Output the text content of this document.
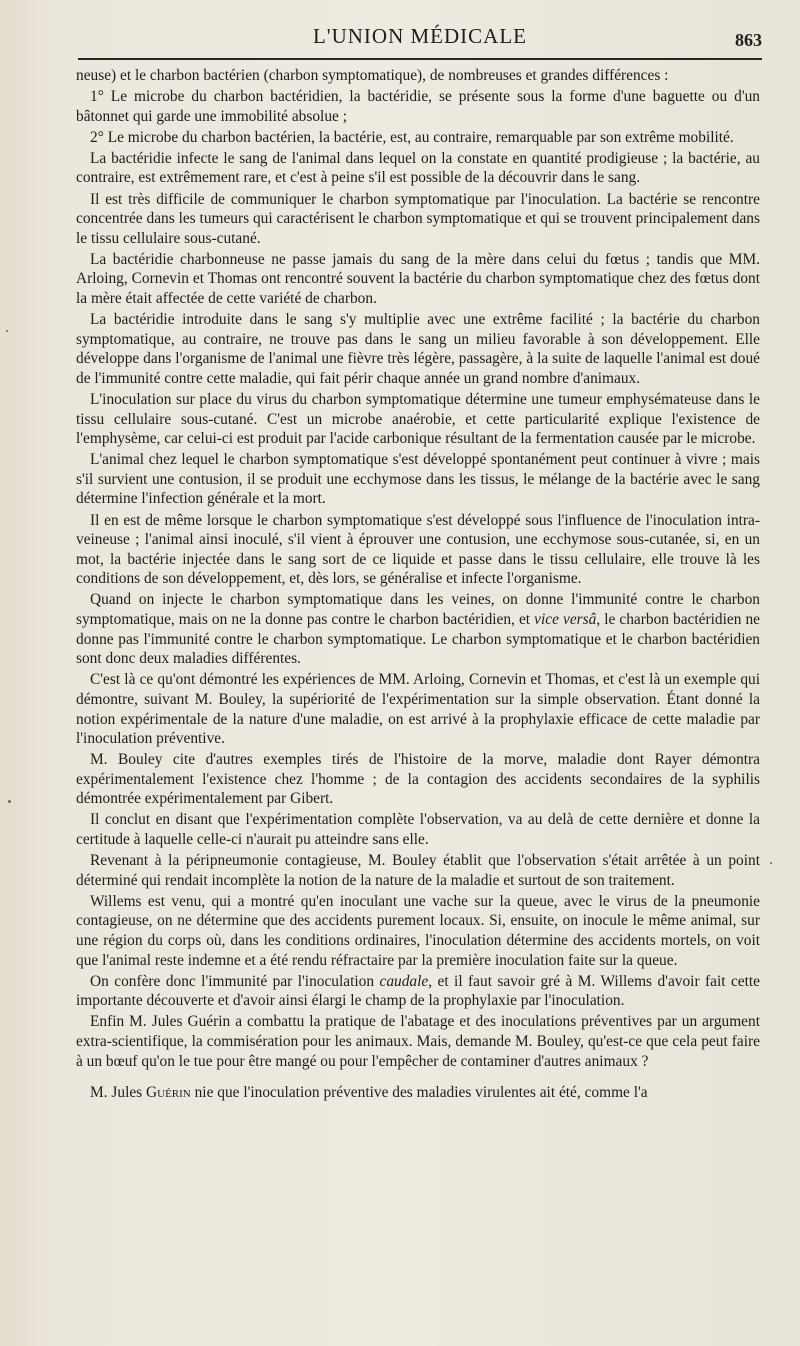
L'UNION MÉDICALE	863

neuse) et le charbon bactérien (charbon symptomatique), de nombreuses et grandes différences :

1° Le microbe du charbon bactéridien, la bactéridie, se présente sous la forme d'une baguette ou d'un bâtonnet qui garde une immobilité absolue ;

2° Le microbe du charbon bactérien, la bactérie, est, au contraire, remarquable par son extrême mobilité.

La bactéridie infecte le sang de l'animal dans lequel on la constate en quantité prodigieuse ; la bactérie, au contraire, est extrêmement rare, et c'est à peine s'il est possible de la découvrir dans le sang.

Il est très difficile de communiquer le charbon symptomatique par l'inoculation. La bactérie se rencontre concentrée dans les tumeurs qui caractérisent le charbon symptomatique et qui se trouvent principalement dans le tissu cellulaire sous-cutané.

La bactéridie charbonneuse ne passe jamais du sang de la mère dans celui du fœtus ; tandis que MM. Arloing, Cornevin et Thomas ont rencontré souvent la bactérie du charbon symptomatique chez des fœtus dont la mère était affectée de cette variété de charbon.

La bactéridie introduite dans le sang s'y multiplie avec une extrême facilité ; la bactérie du charbon symptomatique, au contraire, ne trouve pas dans le sang un milieu favorable à son développement. Elle développe dans l'organisme de l'animal une fièvre très légère, passagère, à la suite de laquelle l'animal est doué de l'immunité contre cette maladie, qui fait périr chaque année un grand nombre d'animaux.

L'inoculation sur place du virus du charbon symptomatique détermine une tumeur emphysémateuse dans le tissu cellulaire sous-cutané. C'est un microbe anaérobie, et cette particularité explique l'existence de l'emphysème, car celui-ci est produit par l'acide carbonique résultant de la fermentation causée par le microbe.

L'animal chez lequel le charbon symptomatique s'est développé spontanément peut continuer à vivre ; mais s'il survient une contusion, il se produit une ecchymose dans les tissus, le mélange de la bactérie avec le sang détermine l'infection générale et la mort.

Il en est de même lorsque le charbon symptomatique s'est développé sous l'influence de l'inoculation intra-veineuse ; l'animal ainsi inoculé, s'il vient à éprouver une contusion, une ecchymose sous-cutanée, si, en un mot, la bactérie injectée dans le sang sort de ce liquide et passe dans le tissu cellulaire, elle trouve là les conditions de son développement, et, dès lors, se généralise et infecte l'organisme.

Quand on injecte le charbon symptomatique dans les veines, on donne l'immunité contre le charbon symptomatique, mais on ne la donne pas contre le charbon bactéridien, et vice versâ, le charbon bactéridien ne donne pas l'immunité contre le charbon symptomatique. Le charbon symptomatique et le charbon bactéridien sont donc deux maladies différentes.

C'est là ce qu'ont démontré les expériences de MM. Arloing, Cornevin et Thomas, et c'est là un exemple qui démontre, suivant M. Bouley, la supériorité de l'expérimentation sur la simple observation. Étant donné la notion expérimentale de la nature d'une maladie, on est arrivé à la prophylaxie efficace de cette maladie par l'inoculation préventive.

M. Bouley cite d'autres exemples tirés de l'histoire de la morve, maladie dont Rayer démontra expérimentalement l'existence chez l'homme ; de la contagion des accidents secondaires de la syphilis démontrée expérimentalement par Gibert.

Il conclut en disant que l'expérimentation complète l'observation, va au delà de cette dernière et donne la certitude à laquelle celle-ci n'aurait pu atteindre sans elle.

Revenant à la péripneumonie contagieuse, M. Bouley établit que l'observation s'était arrêtée à un point déterminé qui rendait incomplète la notion de la nature de la maladie et surtout de son traitement.

Willems est venu, qui a montré qu'en inoculant une vache sur la queue, avec le virus de la pneumonie contagieuse, on ne détermine que des accidents purement locaux. Si, ensuite, on inocule le même animal, sur une région du corps où, dans les conditions ordinaires, l'inoculation détermine des accidents mortels, on voit que l'animal reste indemne et a été rendu réfractaire par la première inoculation faite sur la queue.

On confère donc l'immunité par l'inoculation caudale, et il faut savoir gré à M. Willems d'avoir fait cette importante découverte et d'avoir ainsi élargi le champ de la prophylaxie par l'inoculation.

Enfin M. Jules Guérin a combattu la pratique de l'abatage et des inoculations préventives par un argument extra-scientifique, la commisération pour les animaux. Mais, demande M. Bouley, qu'est-ce que cela peut faire à un bœuf qu'on le tue pour être mangé ou pour l'empêcher de contaminer d'autres animaux ?

M. Jules Guérin nie que l'inoculation préventive des maladies virulentes ait été, comme l'a
